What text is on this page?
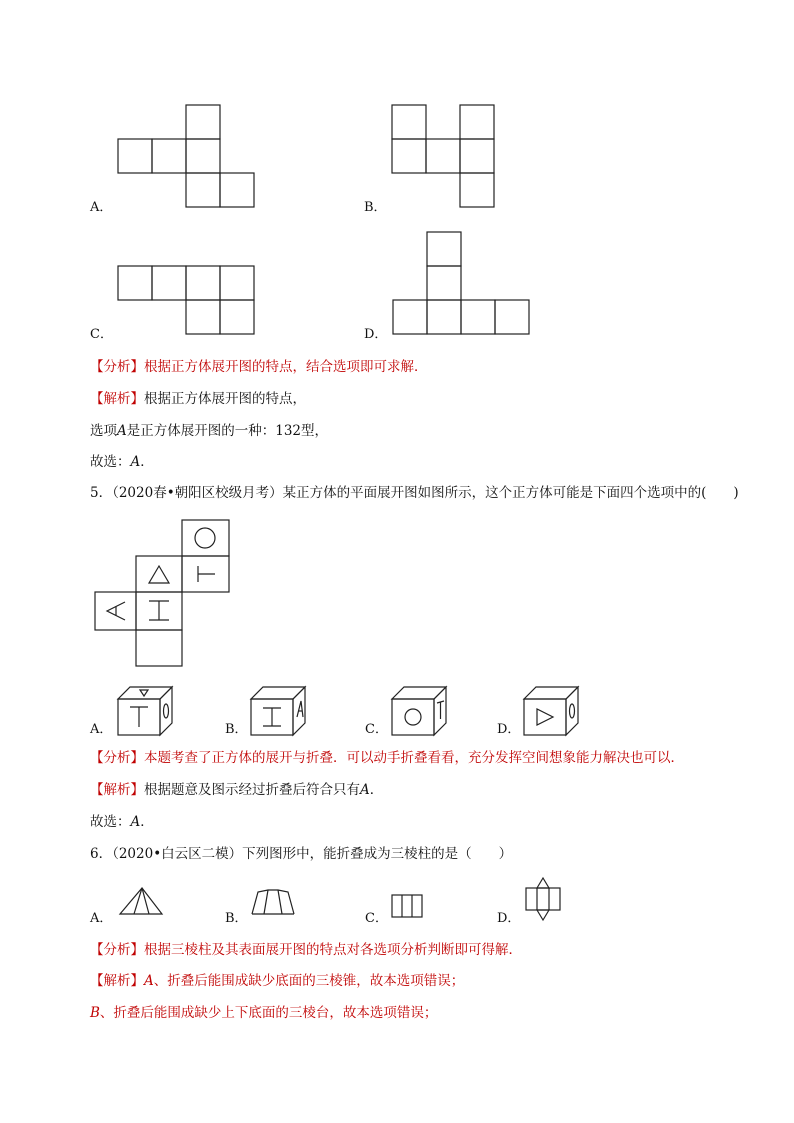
A．	B．
C．	D．
【分析】根据正方体展开图的特点，结合选项即可求解．
【解析】根据正方体展开图的特点，
选项A是正方体展开图的一种：132型，
故选：A．
5．（2020春•朝阳区校级月考）某正方体的平面展开图如图所示，这个正方体可能是下面四个选项中的(　　)
A．	B．	C．	D．
【分析】本题考查了正方体的展开与折叠．可以动手折叠看看，充分发挥空间想象能力解决也可以．
【解析】根据题意及图示经过折叠后符合只有A．
故选：A．
6．（2020•白云区二模）下列图形中，能折叠成为三棱柱的是（　　）
A．	B．	C．	D．
【分析】根据三棱柱及其表面展开图的特点对各选项分析判断即可得解．
【解析】A、折叠后能围成缺少底面的三棱锥，故本选项错误；
B、折叠后能围成缺少上下底面的三棱台，故本选项错误；
